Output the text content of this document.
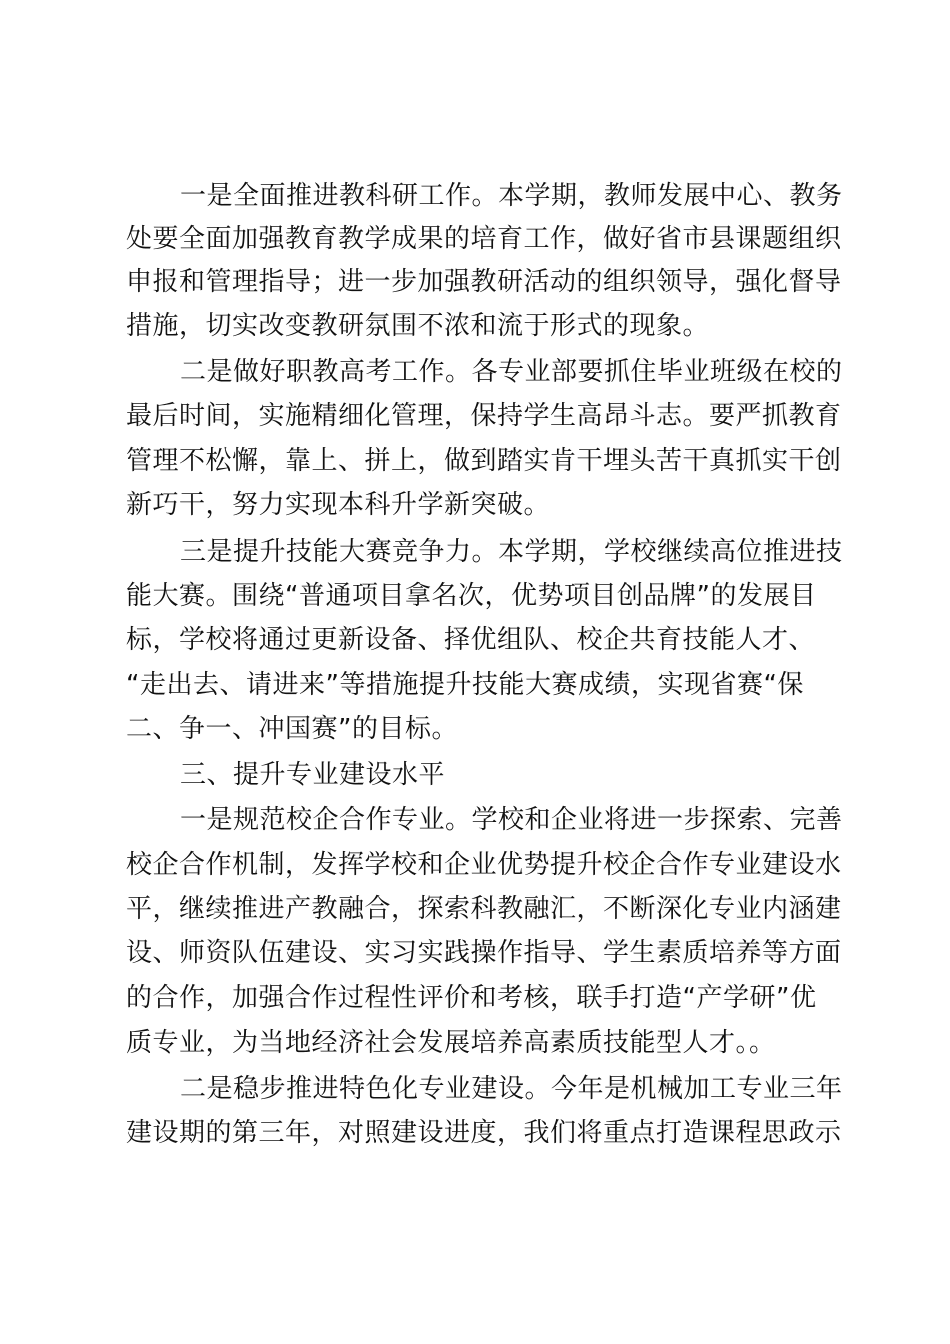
一是全面推进教科研工作。本学期，教师发展中心、教务
处要全面加强教育教学成果的培育工作，做好省市县课题组织
申报和管理指导；进一步加强教研活动的组织领导，强化督导
措施，切实改变教研氛围不浓和流于形式的现象。
二是做好职教高考工作。各专业部要抓住毕业班级在校的
最后时间，实施精细化管理，保持学生高昂斗志。要严抓教育
管理不松懈，靠上、拼上，做到踏实肯干埋头苦干真抓实干创
新巧干，努力实现本科升学新突破。
三是提升技能大赛竞争力。本学期，学校继续高位推进技
能大赛。围绕“普通项目拿名次，优势项目创品牌”的发展目
标，学校将通过更新设备、择优组队、校企共育技能人才、
“走出去、请进来”等措施提升技能大赛成绩，实现省赛“保
二、争一、冲国赛”的目标。
三、提升专业建设水平
一是规范校企合作专业。学校和企业将进一步探索、完善
校企合作机制，发挥学校和企业优势提升校企合作专业建设水
平，继续推进产教融合，探索科教融汇，不断深化专业内涵建
设、师资队伍建设、实习实践操作指导、学生素质培养等方面
的合作，加强合作过程性评价和考核，联手打造“产学研”优
质专业，为当地经济社会发展培养高素质技能型人才。。
二是稳步推进特色化专业建设。今年是机械加工专业三年
建设期的第三年，对照建设进度，我们将重点打造课程思政示
